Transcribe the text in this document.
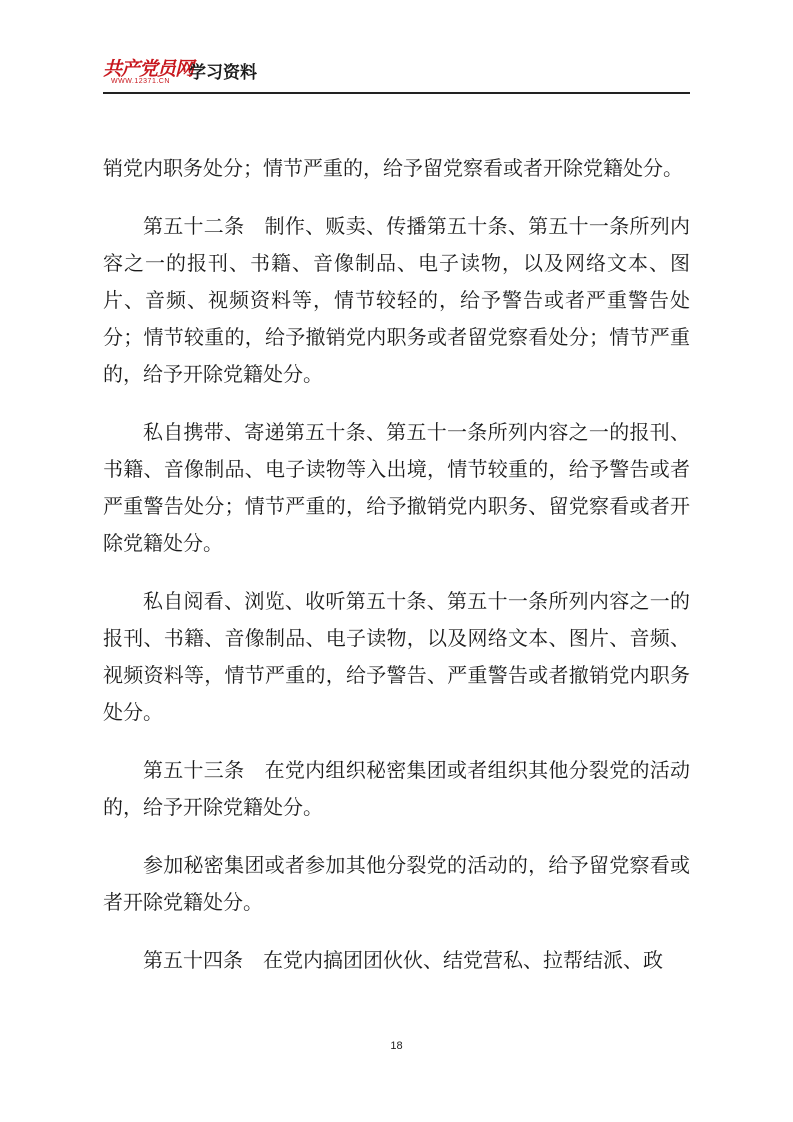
共产党员网
WWW.12371.CN 学习资料

销党内职务处分；情节严重的，给予留党察看或者开除党籍处分。

第五十二条　制作、贩卖、传播第五十条、第五十一条所列内容之一的报刊、书籍、音像制品、电子读物，以及网络文本、图片、音频、视频资料等，情节较轻的，给予警告或者严重警告处分；情节较重的，给予撤销党内职务或者留党察看处分；情节严重的，给予开除党籍处分。

私自携带、寄递第五十条、第五十一条所列内容之一的报刊、书籍、音像制品、电子读物等入出境，情节较重的，给予警告或者严重警告处分；情节严重的，给予撤销党内职务、留党察看或者开除党籍处分。

私自阅看、浏览、收听第五十条、第五十一条所列内容之一的报刊、书籍、音像制品、电子读物，以及网络文本、图片、音频、视频资料等，情节严重的，给予警告、严重警告或者撤销党内职务处分。

第五十三条　在党内组织秘密集团或者组织其他分裂党的活动的，给予开除党籍处分。

参加秘密集团或者参加其他分裂党的活动的，给予留党察看或者开除党籍处分。

第五十四条　在党内搞团团伙伙、结党营私、拉帮结派、政

18
